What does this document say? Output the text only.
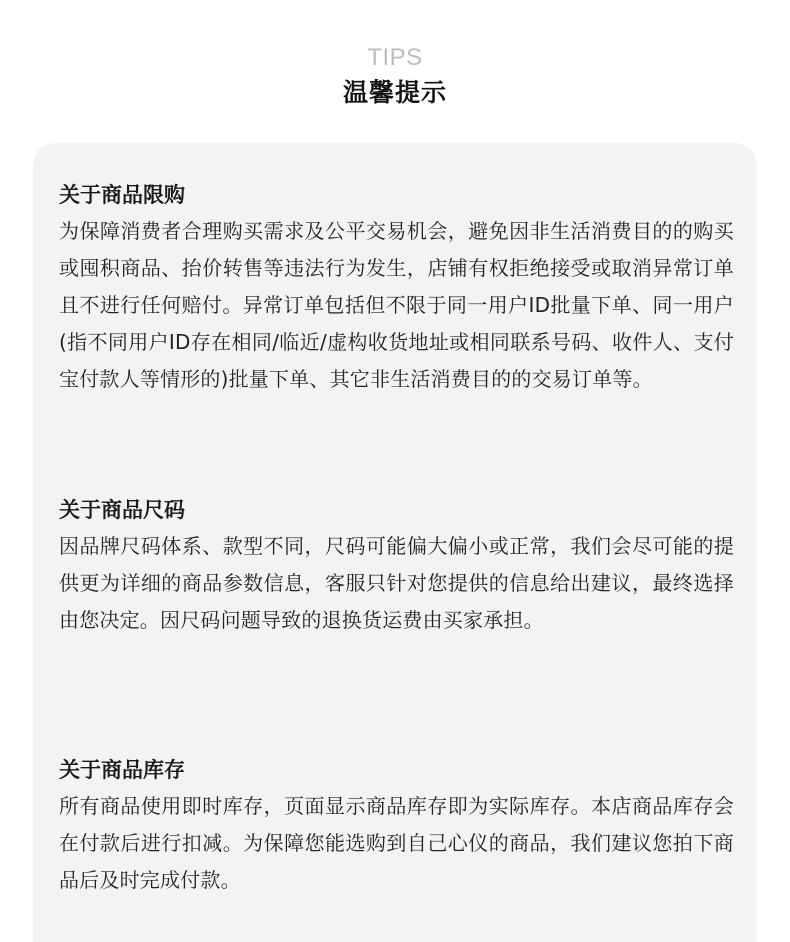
TIPS
温馨提示
关于商品限购

为保障消费者合理购买需求及公平交易机会，避免因非生活消费目的的购买或囤积商品、抬价转售等违法行为发生，店铺有权拒绝接受或取消异常订单且不进行任何赔付。异常订单包括但不限于同一用户ID批量下单、同一用户(指不同用户ID存在相同/临近/虚构收货地址或相同联系号码、收件人、支付宝付款人等情形的)批量下单、其它非生活消费目的的交易订单等。

关于商品尺码

因品牌尺码体系、款型不同，尺码可能偏大偏小或正常，我们会尽可能的提供更为详细的商品参数信息，客服只针对您提供的信息给出建议，最终选择由您决定。因尺码问题导致的退换货运费由买家承担。

关于商品库存

所有商品使用即时库存，页面显示商品库存即为实际库存。本店商品库存会在付款后进行扣减。为保障您能选购到自己心仪的商品，我们建议您拍下商品后及时完成付款。
